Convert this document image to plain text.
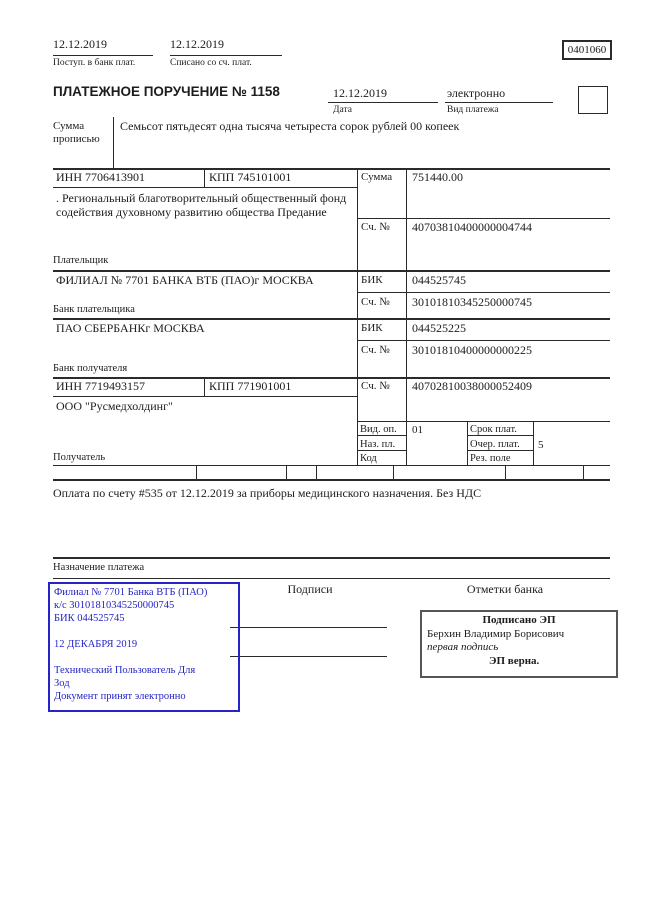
12.12.2019
Поступ. в банк плат.
12.12.2019
Списано со сч. плат.
0401060
ПЛАТЕЖНОЕ ПОРУЧЕНИЕ № 1158	12.12.2019
Дата
электронно
Вид платежа
Сумма
прописью
Семьсот пятьдесят одна тысяча четыреста сорок рублей 00 копеек
ИНН 7706413901	КПП 745101001	Сумма 751440.00
. Региональный благотворительный общественный фонд содействия духовному развитию общества Предание
Плательщик
Сч. № 40703810400000004744
ФИЛИАЛ № 7701 БАНКА ВТБ (ПАО)г МОСКВА	БИК 044525745
Сч. № 30101810345250000745
Банк плательщика
ПАО СБЕРБАНКг МОСКВА	БИК 044525225
Сч. № 30101810400000000225
Банк получателя
ИНН 7719493157	КПП 771901001	Сч. № 40702810038000052409
ООО "Русмедхолдинг"
Получатель
Вид. оп. 01	Срок плат.
Наз. пл.	Очер. плат. 5
Код	Рез. поле
Оплата по счету #535 от 12.12.2019 за приборы медицинского назначения. Без НДС
Назначение платежа
Подписи	Отметки банка
Подписано ЭП
Берхин Владимир Борисович
первая подпись
ЭП верна.
Филиал № 7701 Банка ВТБ (ПАО)
к/с 30101810345250000745
БИК 044525745
12 ДЕКАБРЯ 2019
Технический Пользователь Для
Зод
Документ принят электронно
